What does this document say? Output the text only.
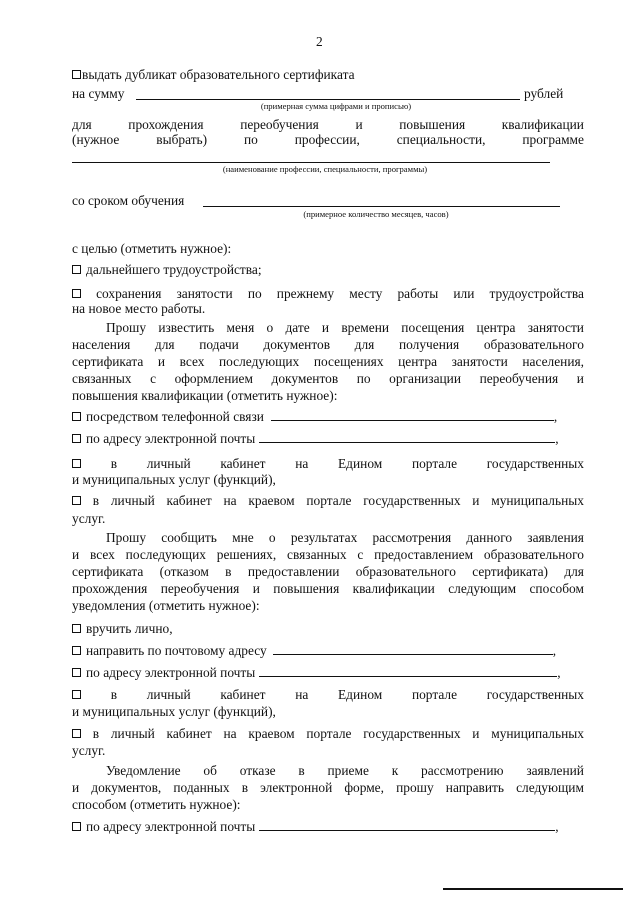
2
выдать дубликат образовательного сертификата
на сумму	рублей
(примерная сумма цифрами и прописью)
для	прохождения	переобучения	и	повышения	квалификации
(нужное	выбрать)	по	профессии,	специальности,	программе
(наименование профессии, специальности, программы)
со сроком обучения
(примерное количество месяцев, часов)
с целью (отметить нужное):
дальнейшего трудоустройства;
сохранения занятости по прежнему месту работы или трудоустройства
на новое место работы.
Прошу известить меня о дате и времени посещения центра занятости
населения для подачи документов для получения образовательного
сертификата и всех последующих посещениях центра занятости населения,
связанных с оформлением документов по организации переобучения и
повышения квалификации (отметить нужное):
посредством телефонной связи	,
по адресу электронной почты	,
в личный кабинет на Едином портале государственных
и муниципальных услуг (функций),
в личный кабинет на краевом портале государственных и муниципальных
услуг.
Прошу сообщить мне о результатах рассмотрения данного заявления
и всех последующих решениях, связанных с предоставлением образовательного
сертификата (отказом в предоставлении образовательного сертификата) для
прохождения переобучения и повышения квалификации следующим способом
уведомления (отметить нужное):
вручить лично,
направить по почтовому адресу	,
по адресу электронной почты	,
в личный кабинет на Едином портале государственных
и муниципальных услуг (функций),
в личный кабинет на краевом портале государственных и муниципальных
услуг.
Уведомление об отказе в приеме к рассмотрению заявлений
и документов, поданных в электронной форме, прошу направить следующим
способом (отметить нужное):
по адресу электронной почты	,
